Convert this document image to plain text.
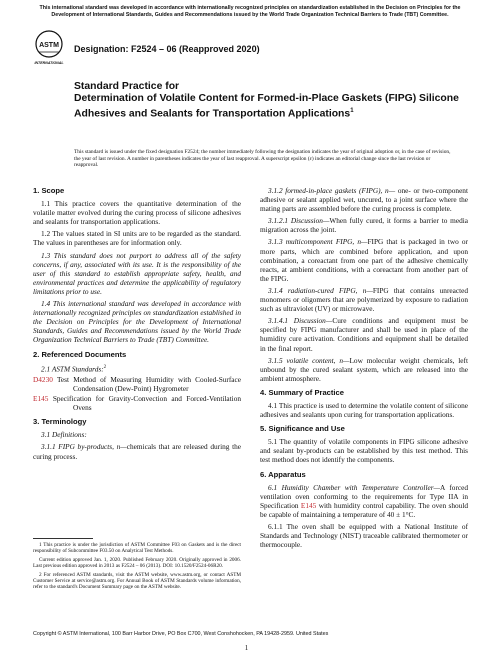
This international standard was developed in accordance with internationally recognized principles on standardization established in the Decision on Principles for the Development of International Standards, Guides and Recommendations issued by the World Trade Organization Technical Barriers to Trade (TBT) Committee.
ASTM
INTERNATIONAL
Designation: F2524 – 06 (Reapproved 2020)
Standard Practice for
Determination of Volatile Content for Formed-in-Place Gaskets (FIPG) Silicone Adhesives and Sealants for Transportation Applications$^1$
This standard is issued under the fixed designation F2524; the number immediately following the designation indicates the year of original adoption or, in the case of revision, the year of last revision. A number in parentheses indicates the year of last reapproval. A superscript epsilon (ε) indicates an editorial change since the last revision or reapproval.
1. Scope

1.1 This practice covers the quantitative determination of the volatile matter evolved during the curing process of silicone adhesives and sealants for transportation applications.

1.2 The values stated in SI units are to be regarded as the standard. The values in parentheses are for information only.

1.3 This standard does not purport to address all of the safety concerns, if any, associated with its use. It is the responsibility of the user of this standard to establish appropriate safety, health, and environmental practices and determine the applicability of regulatory limitations prior to use.

1.4 This international standard was developed in accordance with internationally recognized principles on standardization established in the Decision on Principles for the Development of International Standards, Guides and Recommendations issued by the World Trade Organization Technical Barriers to Trade (TBT) Committee.

2. Referenced Documents

2.1 ASTM Standards:$^2$

D4230 Test Method of Measuring Humidity with Cooled-Surface Condensation (Dew-Point) Hygrometer
E145 Specification for Gravity-Convection and Forced-Ventilation Ovens
3. Terminology

3.1 Definitions:

3.1.1 FIPG by-products, n—chemicals that are released during the curing process.

3.1.2 formed-in-place gaskets (FIPG), n— one- or two-component adhesive or sealant applied wet, uncured, to a joint surface where the mating parts are assembled before the curing process is complete.

3.1.2.1 Discussion—When fully cured, it forms a barrier to media migration across the joint.

3.1.3 multicomponent FIPG, n—FIPG that is packaged in two or more parts, which are combined before application, and upon combination, a coreactant from one part of the adhesive chemically reacts, at ambient conditions, with a coreactant from another part of the FIPG.

3.1.4 radiation-cured FIPG, n—FIPG that contains unreacted monomers or oligomers that are polymerized by exposure to radiation such as ultraviolet (UV) or microwave.

3.1.4.1 Discussion—Cure conditions and equipment must be specified by FIPG manufacturer and shall be used in place of the humidity cure activation. Conditions and equipment shall be detailed in the final report.

3.1.5 volatile content, n—Low molecular weight chemicals, left unbound by the cured sealant system, which are released into the ambient atmosphere.

4. Summary of Practice

4.1 This practice is used to determine the volatile content of silicone adhesives and sealants upon curing for transportation applications.

5. Significance and Use

5.1 The quantity of volatile components in FIPG silicone adhesive and sealant by-products can be established by this test method. This test method does not identify the components.

6. Apparatus

6.1 Humidity Chamber with Temperature Controller—A forced ventilation oven conforming to the requirements for Type IIA in Specification E145 with humidity control capability. The oven should be capable of maintaining a temperature of 40 ± 1°C.

6.1.1 The oven shall be equipped with a National Institute of Standards and Technology (NIST) traceable calibrated thermometer or thermocouple.

1 This practice is under the jurisdiction of ASTM Committee F03 on Gaskets and is the direct responsibility of Subcommittee F03.50 on Analytical Test Methods.

Current edition approved Jan. 1, 2020. Published February 2020. Originally approved in 2006. Last previous edition approved in 2013 as F2524 – 06 (2013). DOI: 10.1520/F2524-06R20.

2 For referenced ASTM standards, visit the ASTM website, www.astm.org, or contact ASTM Customer Service at service@astm.org. For Annual Book of ASTM Standards volume information, refer to the standard's Document Summary page on the ASTM website.

Copyright © ASTM International, 100 Barr Harbor Drive, PO Box C700, West Conshohocken, PA 19428-2959. United States
1
